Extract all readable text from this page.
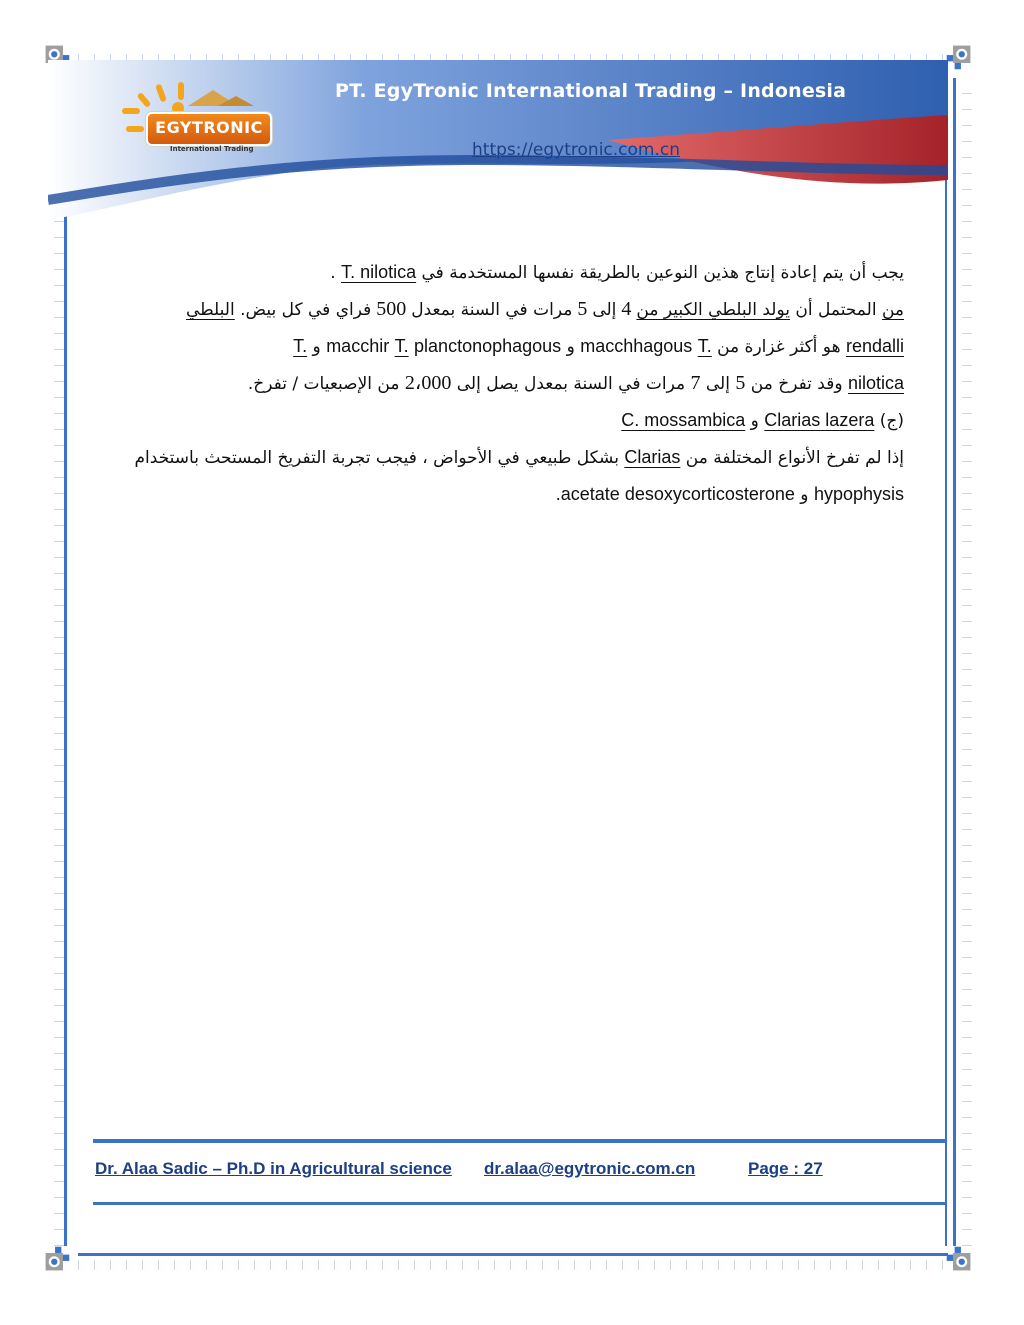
PT. EgyTronic International Trading – Indonesia
https://egytronic.com.cn
EGYTRONIC
International Trading
يجب أن يتم إعادة إنتاج هذين النوعين بالطريقة نفسها المستخدمة في T. nilotica .
من المحتمل أن يولد البلطي الكبير من 4 إلى 5 مرات في السنة بمعدل 500 فراي في كل بيض. البلطي
rendalli هو أكثر غزارة من T. macchhagous و planctonophagous T. macchir و T.
nilotica وقد تفرخ من 5 إلى 7 مرات في السنة بمعدل يصل إلى 2،000 من الإصبعيات / تفرخ.
(ج) Clarias lazera و C. mossambica
إذا لم تفرخ الأنواع المختلفة من Clarias بشكل طبيعي في الأحواض ، فيجب تجربة التفريخ المستحث باستخدام
hypophysis و .acetate desoxycorticosterone
Dr. Alaa Sadic – Ph.D in Agricultural science dr.alaa@egytronic.com.cn	Page : 27
